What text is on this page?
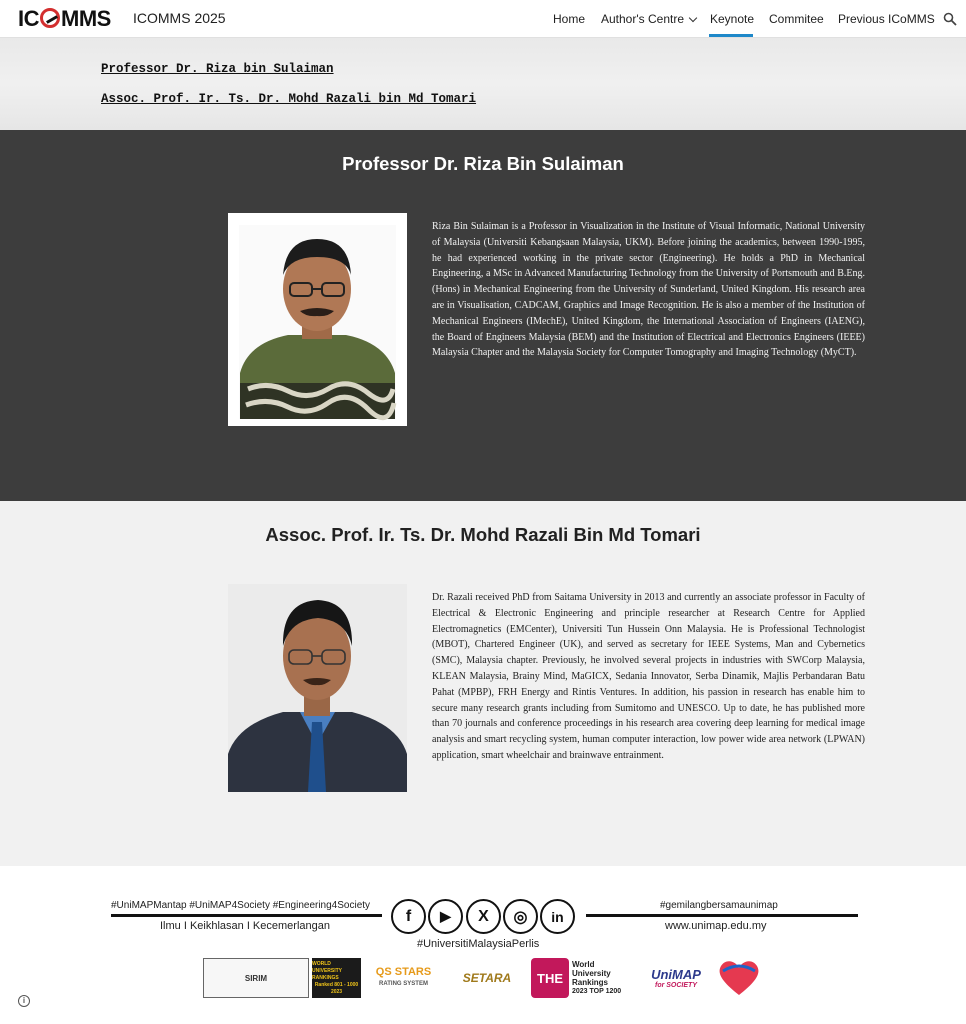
IC MMS ICOMMS 2025	Home Author's Centre	Keynote Commitee Previous ICoMMS
Professor Dr. Riza bin Sulaiman
Assoc. Prof. Ir. Ts. Dr. Mohd Razali bin Md Tomari
Professor Dr. Riza Bin Sulaiman

Riza Bin Sulaiman is a Professor in Visualization in the Institute of Visual Informatic, National University of Malaysia (Universiti Kebangsaan Malaysia, UKM). Before joining the academics, between 1990-1995, he had experienced working in the private sector (Engineering). He holds a PhD in Mechanical Engineering, a MSc in Advanced Manufacturing Technology from the University of Portsmouth and B.Eng. (Hons) in Mechanical Engineering from the University of Sunderland, United Kingdom. His research area are in Visualisation, CADCAM, Graphics and Image Recognition. He is also a member of the Institution of Mechanical Engineers (IMechE), United Kingdom, the International Association of Engineers (IAENG), the Board of Engineers Malaysia (BEM) and the Institution of Electrical and Electronics Engineers (IEEE) Malaysia Chapter and the Malaysia Society for Computer Tomography and Imaging Technology (MyCT).

Assoc. Prof. Ir. Ts. Dr. Mohd Razali Bin Md Tomari

Dr. Razali received PhD from Saitama University in 2013 and currently an associate professor in Faculty of Electrical & Electronic Engineering and principle researcher at Research Centre for Applied Electromagnetics (EMCenter), Universiti Tun Hussein Onn Malaysia. He is Professional Technologist (MBOT), Chartered Engineer (UK), and served as secretary for IEEE Systems, Man and Cybernetics (SMC), Malaysia chapter. Previously, he involved several projects in industries with SWCorp Malaysia, KLEAN Malaysia, Brainy Mind, MaGICX, Sedania Innovator, Serba Dinamik, Majlis Perbandaran Batu Pahat (MPBP), FRH Energy and Rintis Ventures. In addition, his passion in research has enable him to secure many research grants including from Sumitomo and UNESCO. Up to date, he has published more than 70 journals and conference proceedings in his research area covering deep learning for medical image analysis and smart recycling system, human computer interaction, low power wide area network (LPWAN) application, smart wheelchair and brainwave entrainment.

#UniMAPMantap #UniMAP4Society #Engineering4Society
Ilmu I Keikhlasan I Kecemerlangan
f	▶	X	◎	in
#UniversitiMalaysiaPerlis
#gemilangbersamaunimap
www.unimap.edu.my
SIRIM
WORLD UNIVERSITY RANKINGS
Ranked 801 - 1000
2023
QS STARS
RATING SYSTEM	SETARA	THE
World University Rankings
2023 TOP 1200
UniMAP
for SOCIETY
i
